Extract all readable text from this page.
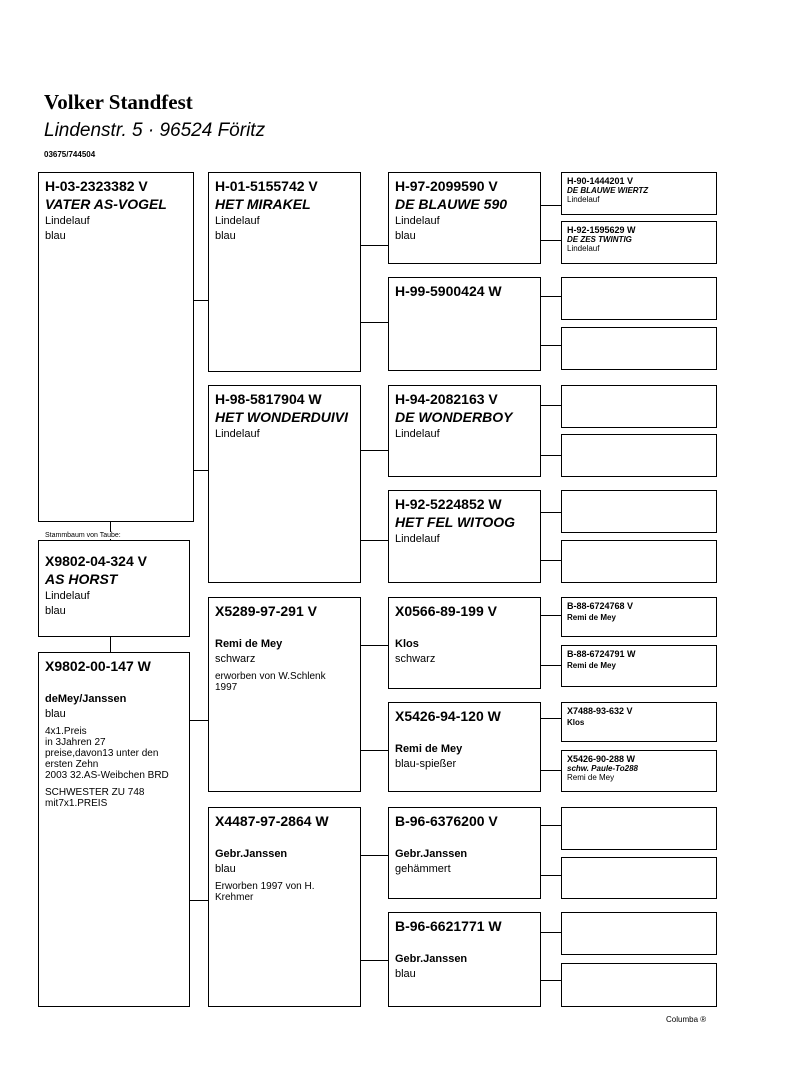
Volker Standfest
Lindenstr. 5 · 96524 Föritz
03675/744504
H-03-2323382 V
VATER AS-VOGEL
Lindelauf
blau
X9802-04-324 V
AS HORST
Lindelauf
blau
Stammbaum von Taube:
X9802-00-147 W
deMey/Janssen
blau
4x1.Preis
in 3Jahren 27
preise,davon13 unter den
ersten Zehn
2003 32.AS-Weibchen BRD
SCHWESTER ZU 748
mit7x1.PREIS
H-01-5155742 V
HET MIRAKEL
Lindelauf
blau
H-98-5817904 W
HET WONDERDUIVI
Lindelauf
X5289-97-291 V
Remi de Mey
schwarz
erworben von W.Schlenk
1997
X4487-97-2864 W
Gebr.Janssen
blau
Erworben 1997 von H.
Krehmer
H-97-2099590 V
DE BLAUWE 590
Lindelauf
blau
H-99-5900424 W
H-94-2082163 V
DE WONDERBOY
Lindelauf
H-92-5224852 W
HET FEL WITOOG
Lindelauf
X0566-89-199 V
Klos
schwarz
X5426-94-120 W
Remi de Mey
blau-spießer
B-96-6376200 V
Gebr.Janssen
gehämmert
B-96-6621771 W
Gebr.Janssen
blau
H-90-1444201 V
DE BLAUWE WIERTZ
Lindelauf
H-92-1595629 W
DE ZES TWINTIG
Lindelauf
B-88-6724768 V
Remi de Mey
B-88-6724791 W
Remi de Mey
X7488-93-632 V
Klos
X5426-90-288 W
schw. Paule-To288
Remi de Mey
Columba ®
